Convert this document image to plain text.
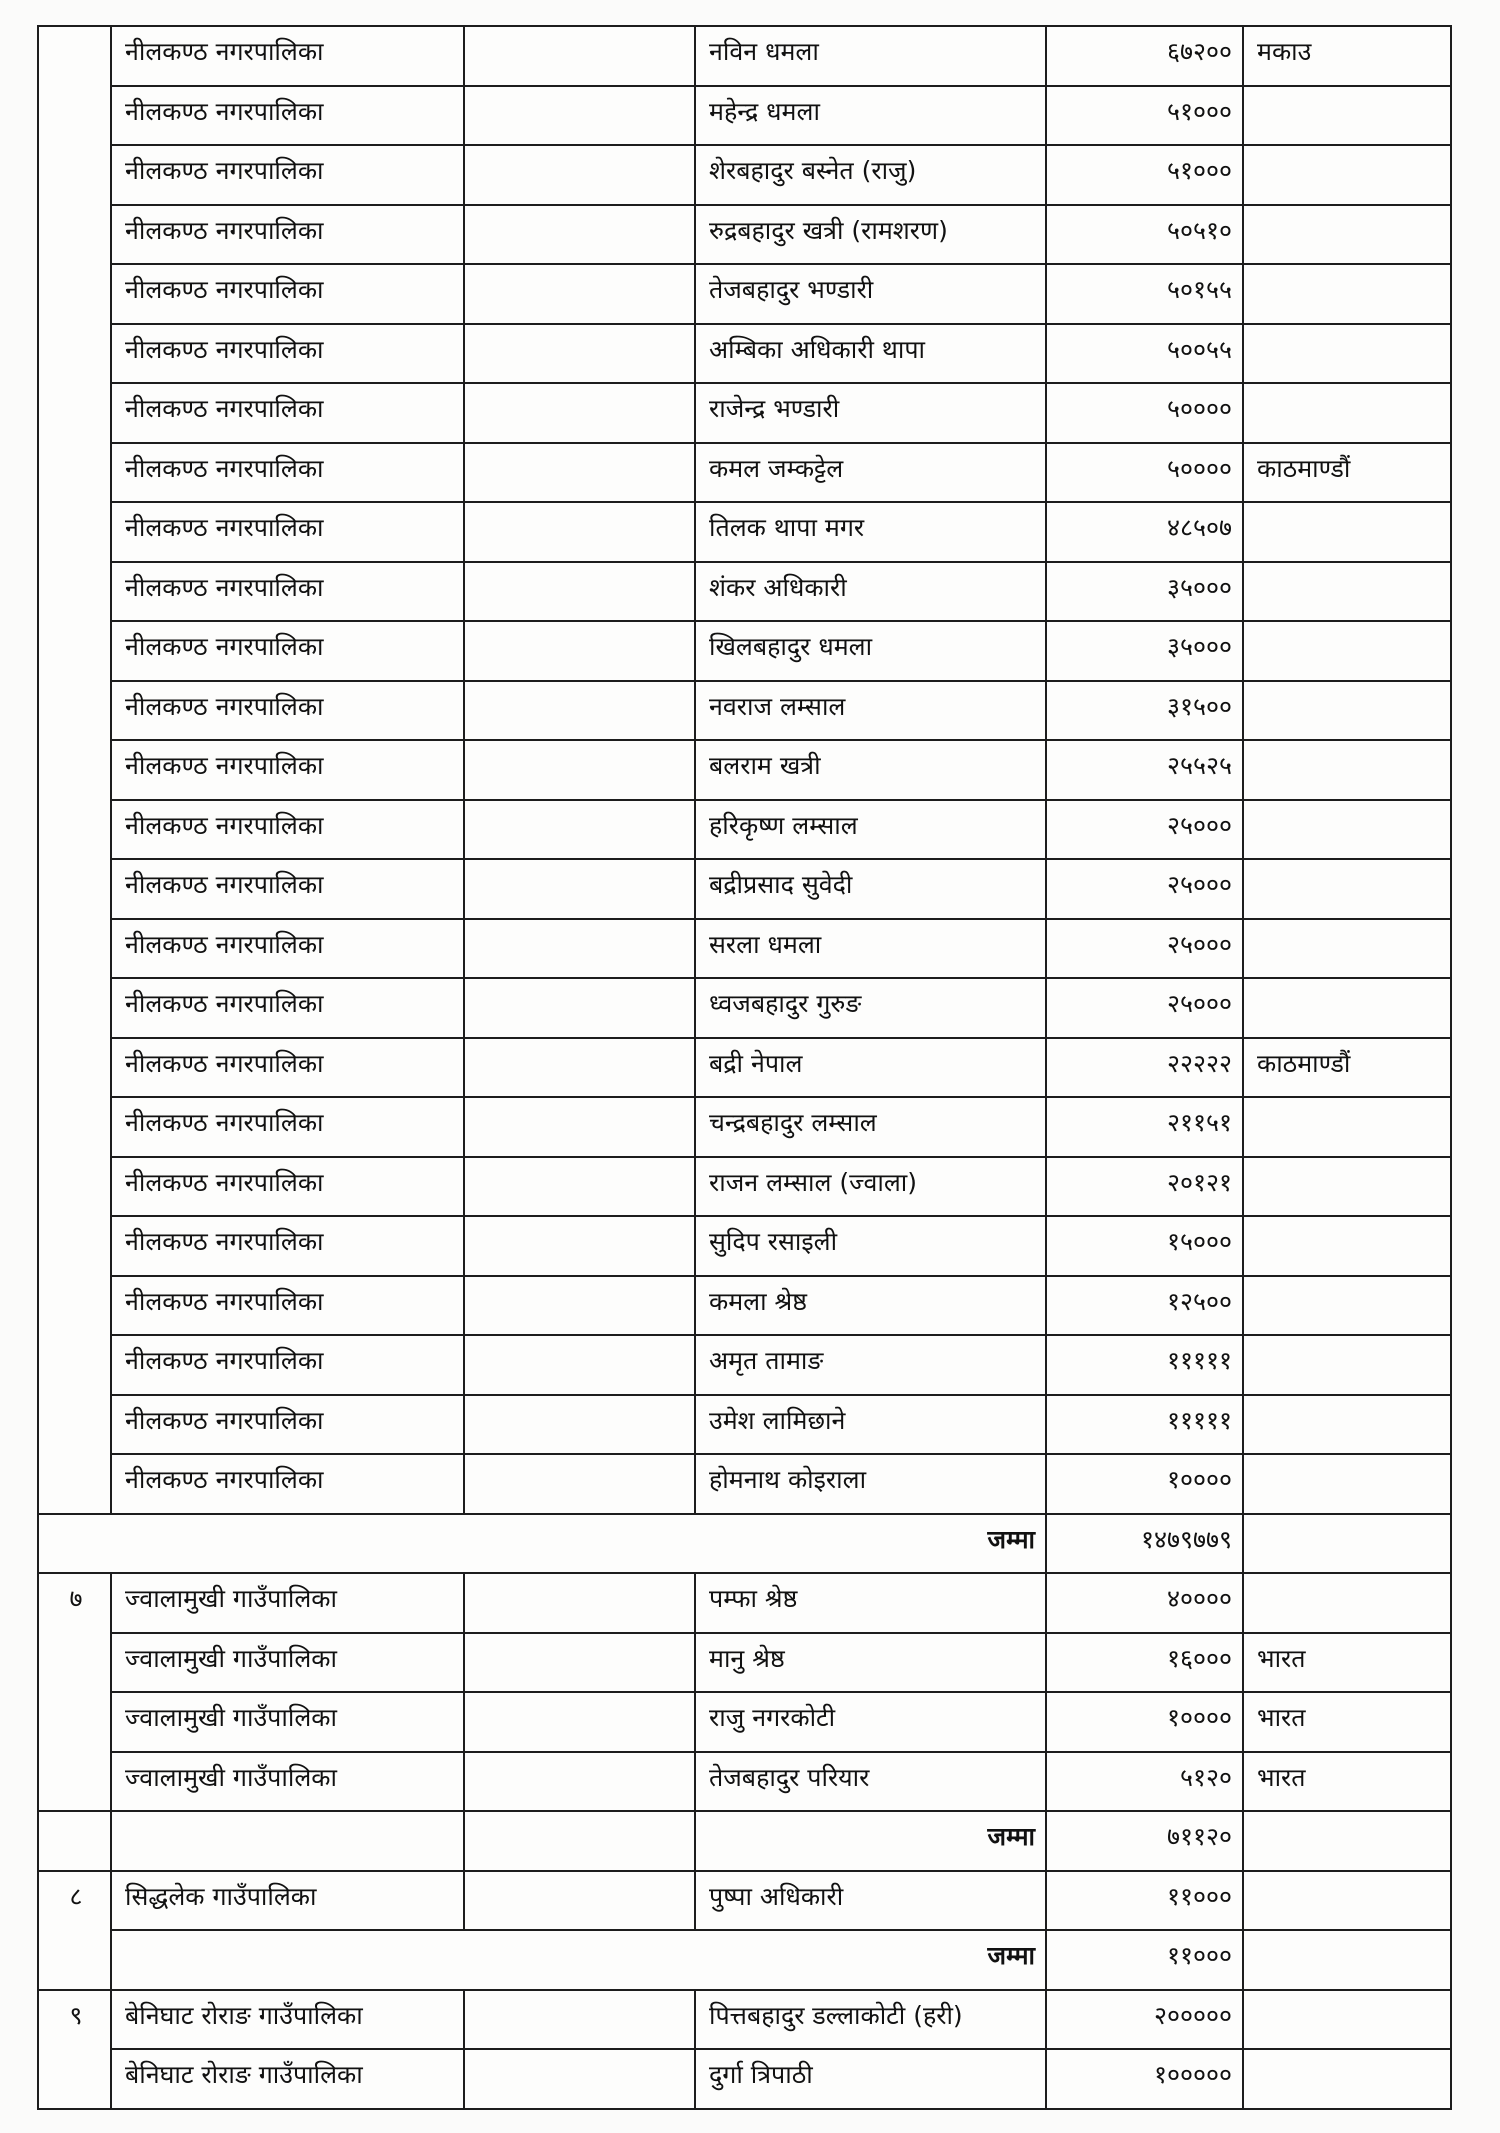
	नीलकण्ठ नगरपालिका		नविन धमला	६७२००	मकाउ
	नीलकण्ठ नगरपालिका		महेन्द्र धमला	५१०००	
	नीलकण्ठ नगरपालिका		शेरबहादुर बस्नेत (राजु)	५१०००	
	नीलकण्ठ नगरपालिका		रुद्रबहादुर खत्री (रामशरण)	५०५१०	
	नीलकण्ठ नगरपालिका		तेजबहादुर भण्डारी	५०१५५	
	नीलकण्ठ नगरपालिका		अम्बिका अधिकारी थापा	५००५५	
	नीलकण्ठ नगरपालिका		राजेन्द्र भण्डारी	५००००	
	नीलकण्ठ नगरपालिका		कमल जम्कट्टेल	५००००	काठमाण्डौं
	नीलकण्ठ नगरपालिका		तिलक थापा मगर	४८५०७	
	नीलकण्ठ नगरपालिका		शंकर अधिकारी	३५०००	
	नीलकण्ठ नगरपालिका		खिलबहादुर धमला	३५०००	
	नीलकण्ठ नगरपालिका		नवराज लम्साल	३१५००	
	नीलकण्ठ नगरपालिका		बलराम खत्री	२५५२५	
	नीलकण्ठ नगरपालिका		हरिकृष्ण लम्साल	२५०००	
	नीलकण्ठ नगरपालिका		बद्रीप्रसाद सुवेदी	२५०००	
	नीलकण्ठ नगरपालिका		सरला धमला	२५०००	
	नीलकण्ठ नगरपालिका		ध्वजबहादुर गुरुङ	२५०००	
	नीलकण्ठ नगरपालिका		बद्री नेपाल	२२२२२	काठमाण्डौं
	नीलकण्ठ नगरपालिका		चन्द्रबहादुर लम्साल	२११५१	
	नीलकण्ठ नगरपालिका		राजन लम्साल (ज्वाला)	२०१२१	
	नीलकण्ठ नगरपालिका		सुदिप रसाइली	१५०००	
	नीलकण्ठ नगरपालिका		कमला श्रेष्ठ	१२५००	
	नीलकण्ठ नगरपालिका		अमृत तामाङ	१११११	
	नीलकण्ठ नगरपालिका		उमेश लामिछाने	१११११	
	नीलकण्ठ नगरपालिका		होमनाथ कोइराला	१००००	
जम्मा				१४७९७७९	
७	ज्वालामुखी गाउँपालिका		पम्फा श्रेष्ठ	४००००	
	ज्वालामुखी गाउँपालिका		मानु श्रेष्ठ	१६०००	भारत
	ज्वालामुखी गाउँपालिका		राजु नगरकोटी	१००००	भारत
	ज्वालामुखी गाउँपालिका		तेजबहादुर परियार	५१२०	भारत
			जम्मा	७११२०	
८	सिद्धलेक गाउँपालिका		पुष्पा अधिकारी	११०००	
	जम्मा			११०००	
९	बेनिघाट रोराङ गाउँपालिका		पित्तबहादुर डल्लाकोटी (हरी)	२०००००	
	बेनिघाट रोराङ गाउँपालिका		दुर्गा त्रिपाठी	१०००००	
